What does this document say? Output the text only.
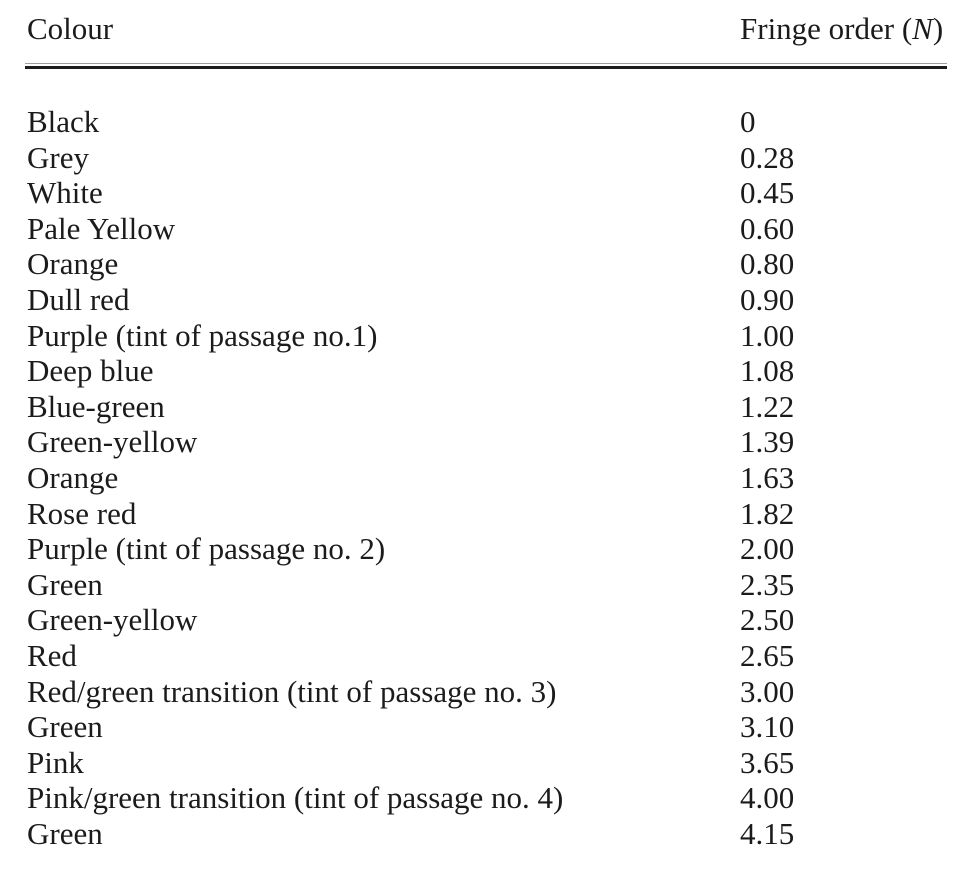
Colour	Fringe order (N)
Black	0
Grey	0.28
White	0.45
Pale Yellow	0.60
Orange	0.80
Dull red	0.90
Purple (tint of passage no.1)	1.00
Deep blue	1.08
Blue-green	1.22
Green-yellow	1.39
Orange	1.63
Rose red	1.82
Purple (tint of passage no. 2)	2.00
Green	2.35
Green-yellow	2.50
Red	2.65
Red/green transition (tint of passage no. 3)	3.00
Green	3.10
Pink	3.65
Pink/green transition (tint of passage no. 4)	4.00
Green	4.15
